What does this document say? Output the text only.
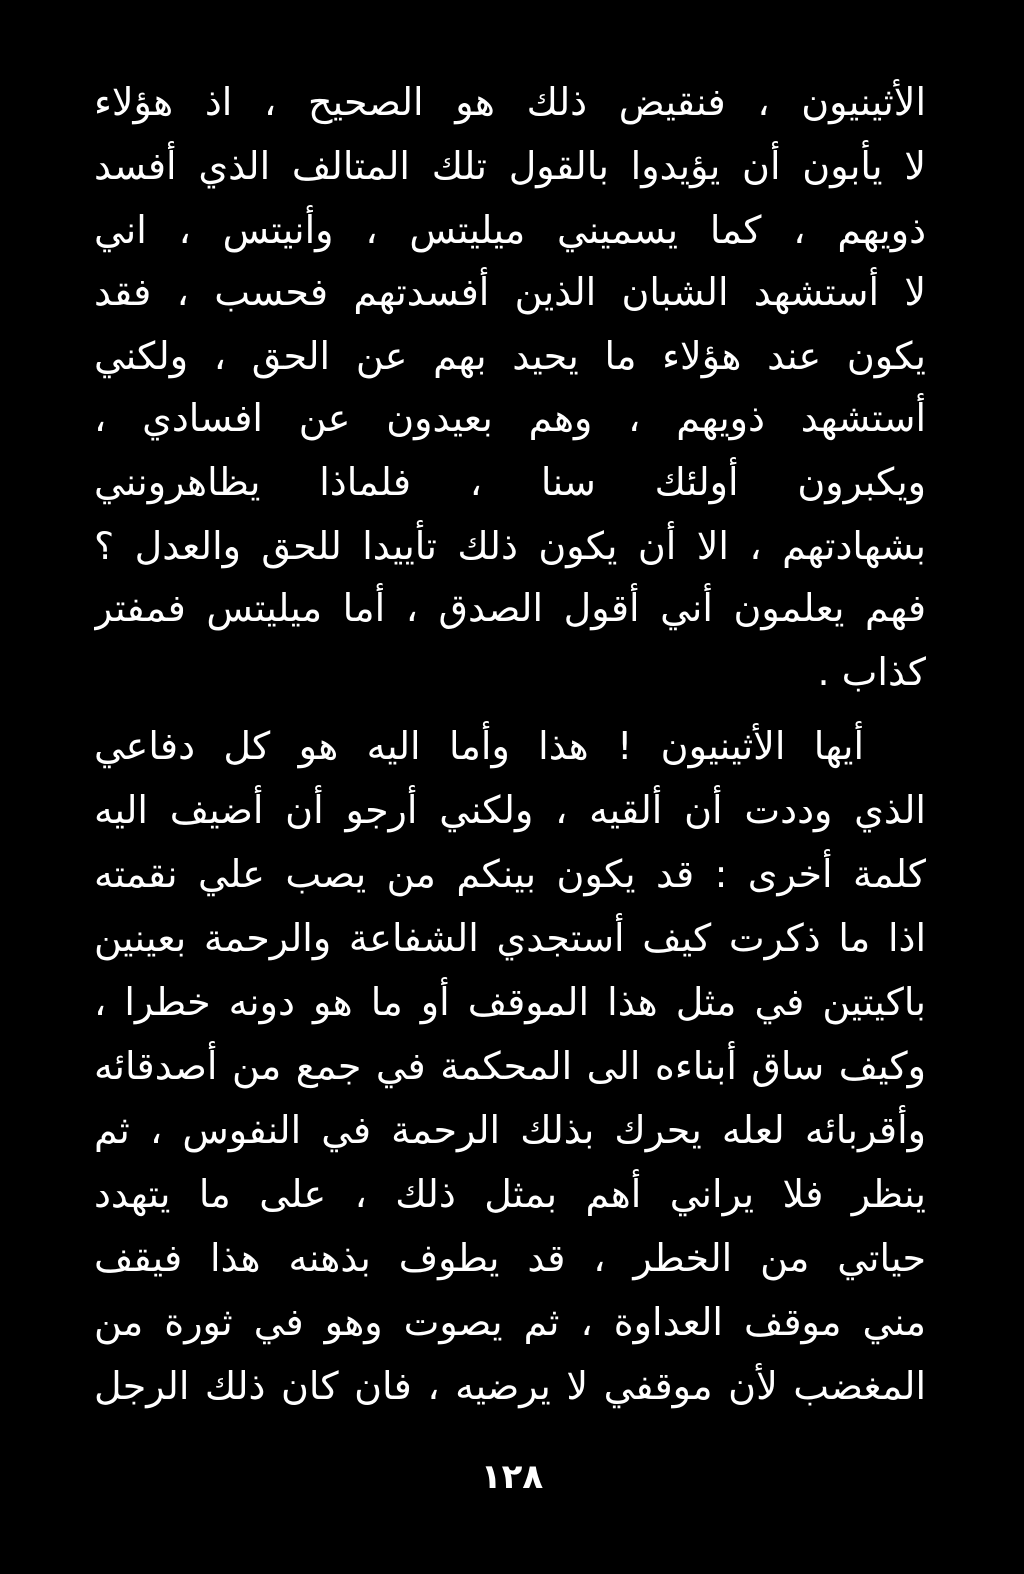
الأثينيون ، فنقيض ذلك هو الصحيح ، اذ هؤلاء
لا يأبون أن يؤيدوا بالقول تلك المتالف الذي أفسد
ذويهم ، كما يسميني ميليتس ، وأنيتس ، اني
لا أستشهد الشبان الذين أفسدتهم فحسب ، فقد
يكون عند هؤلاء ما يحيد بهم عن الحق ، ولكني
أستشهد ذويهم ، وهم بعيدون عن افسادي ،
ويكبرون أولئك سنا ، فلماذا يظاهرونني
بشهادتهم ، الا أن يكون ذلك تأييدا للحق والعدل ؟
فهم يعلمون أني أقول الصدق ، أما ميليتس فمفتر
كذاب .
أيها الأثينيون ! هذا وأما اليه هو كل دفاعي
الذي وددت أن ألقيه ، ولكني أرجو أن أضيف اليه
كلمة أخرى : قد يكون بينكم من يصب علي نقمته
اذا ما ذكرت كيف أستجدي الشفاعة والرحمة بعينين
باكيتين في مثل هذا الموقف أو ما هو دونه خطرا ،
وكيف ساق أبناءه الى المحكمة في جمع من أصدقائه
وأقربائه لعله يحرك بذلك الرحمة في النفوس ، ثم
ينظر فلا يراني أهم بمثل ذلك ، على ما يتهدد
حياتي من الخطر ، قد يطوف بذهنه هذا فيقف
مني موقف العداوة ، ثم يصوت وهو في ثورة من
المغضب لأن موقفي لا يرضيه ، فان كان ذلك الرجل
١٢٨
